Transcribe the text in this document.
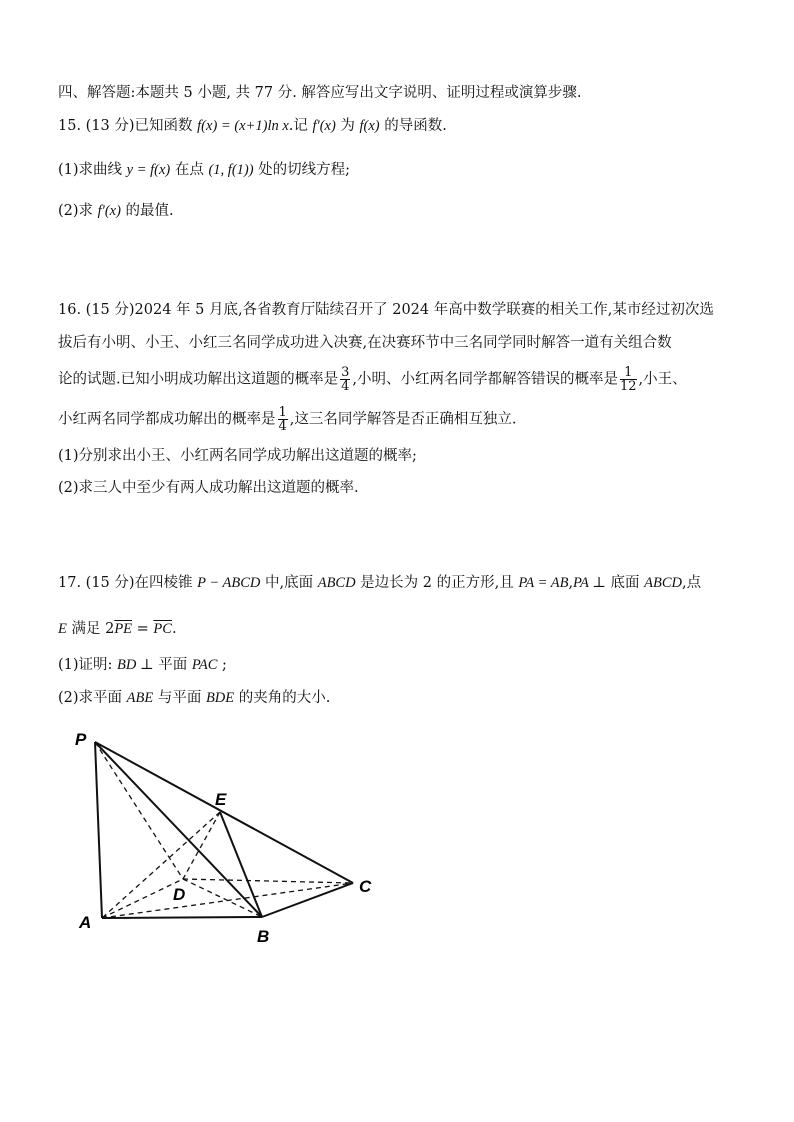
四、解答题:本题共 5 小题, 共 77 分. 解答应写出文字说明、证明过程或演算步骤.
15. (13 分)已知函数 f(x) = (x+1)ln x.记 f′(x) 为 f(x) 的导函数.
(1)求曲线 y = f(x) 在点 (1, f(1)) 处的切线方程;
(2)求 f′(x) 的最值.
16. (15 分)2024 年 5 月底,各省教育厅陆续召开了 2024 年高中数学联赛的相关工作,某市经过初次选
拔后有小明、小王、小红三名同学成功进入决赛,在决赛环节中三名同学同时解答一道有关组合数
论的试题.已知小明成功解出这道题的概率是 $\frac{3}{4}$ ,小明、小红两名同学都解答错误的概率是 $\frac{1}{12}$ ,小王、
小红两名同学都成功解出的概率是 $\frac{1}{4}$ ,这三名同学解答是否正确相互独立.
(1)分别求出小王、小红两名同学成功解出这道题的概率;
(2)求三人中至少有两人成功解出这道题的概率.
17. (15 分)在四棱锥 P − ABCD 中,底面 ABCD 是边长为 2 的正方形,且 PA = AB,PA ⊥ 底面 ABCD,点
E 满足 $2\overline{PE} = \overline{PC}$.
(1)证明: BD ⊥ 平面 PAC ;
(2)求平面 ABE 与平面 BDE 的夹角的大小.
P
E
D	C
A
B
